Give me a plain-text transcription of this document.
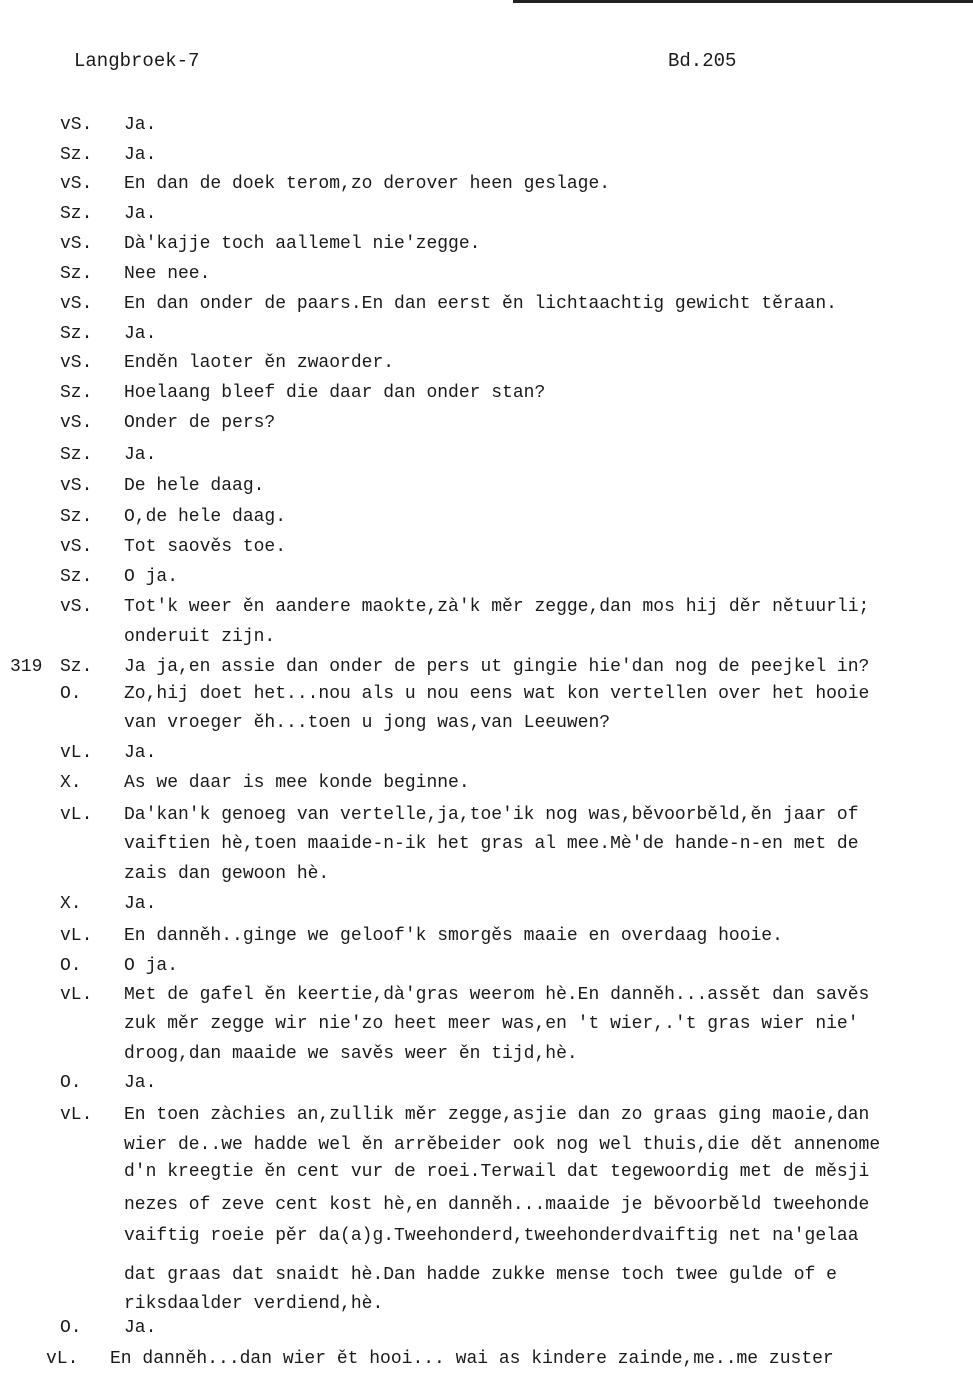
Langbroek-7	Bd.205
vS.	Ja.
Sz.	Ja.
vS.	En dan de doek terom,zo derover heen geslage.
Sz.	Ja.
vS.	Dà'kajje toch aallemel nie'zegge.
Sz.	Nee nee.
vS.	En dan onder de paars.En dan eerst ěn lichtaachtig gewicht těraan.
Sz.	Ja.
vS.	Enděn laoter ěn zwaorder.
Sz.	Hoelaang bleef die daar dan onder stan?
vS.	Onder de pers?
Sz.	Ja.
vS.	De hele daag.
Sz.	O,de hele daag.
vS.	Tot saověs toe.
Sz.	O ja.
vS.	Tot'k weer ěn aandere maokte,zà'k měr zegge,dan mos hij děr nětuurli;
onderuit zijn.
319 Sz.	Ja ja,en assie dan onder de pers ut gingie hie'dan nog de peejkel in?
O.	Zo,hij doet het...nou als u nou eens wat kon vertellen over het hooie
van vroeger ěh...toen u jong was,van Leeuwen?
vL.	Ja.
X.	As we daar is mee konde beginne.
vL.	Da'kan'k genoeg van vertelle,ja,toe'ik nog was,běvoorběld,ěn jaar of
vaiftien hè,toen maaide-n-ik het gras al mee.Mè'de hande-n-en met de
zais dan gewoon hè.
X.	Ja.
vL.	En danněh..ginge we geloof'k smorgěs maaie en overdaag hooie.
O.	O ja.
vL.	Met de gafel ěn keertie,dà'gras weerom hè.En danněh...assět dan savěs
zuk měr zegge wir nie'zo heet meer was,en 't wier,.'t gras wier nie'
droog,dan maaide we savěs weer ěn tijd,hè.
O.	Ja.
vL.	En toen zàchies an,zullik měr zegge,asjie dan zo graas ging maoie,dan
wier de..we hadde wel ěn arrěbeider ook nog wel thuis,die dět annenome
d'n kreegtie ěn cent vur de roei.Terwail dat tegewoordig met de měsji
nezes of zeve cent kost hè,en danněh...maaide je běvoorběld tweehonde
vaiftig roeie pěr da(a)g.Tweehonderd,tweehonderdvaiftig net na'gelaa
dat graas dat snaidt hè.Dan hadde zukke mense toch twee gulde of e
riksdaalder verdiend,hè.
O.	Ja.
vL.	En danněh...dan wier ět hooi... wai as kindere zainde,me..me zuster
